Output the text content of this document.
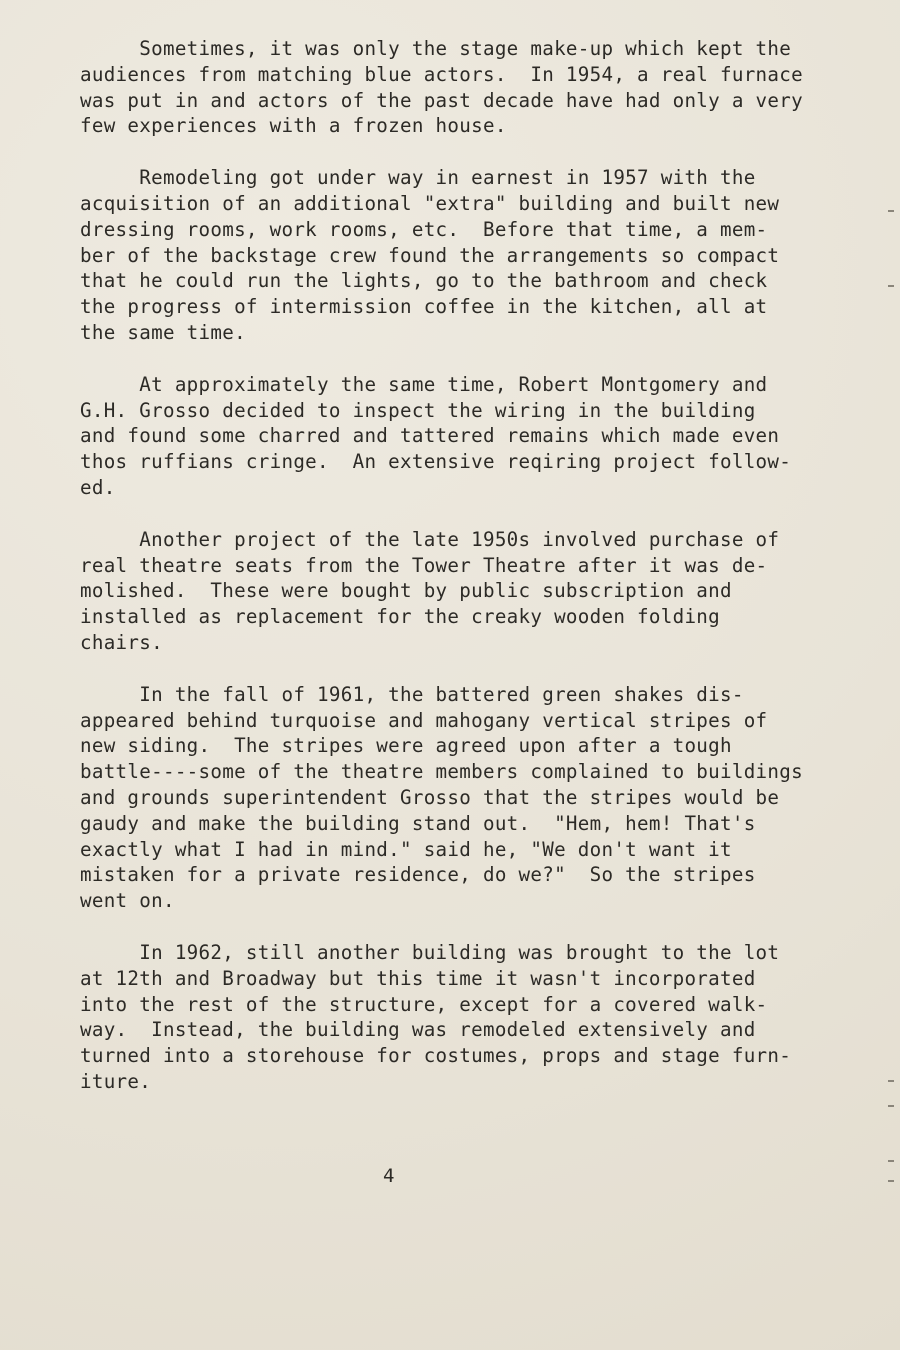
Sometimes, it was only the stage make-up which kept the
audiences from matching blue actors.  In 1954, a real furnace
was put in and actors of the past decade have had only a very
few experiences with a frozen house.
Remodeling got under way in earnest in 1957 with the
acquisition of an additional "extra" building and built new
dressing rooms, work rooms, etc.  Before that time, a mem-
ber of the backstage crew found the arrangements so compact
that he could run the lights, go to the bathroom and check
the progress of intermission coffee in the kitchen, all at
the same time.
At approximately the same time, Robert Montgomery and
G.H. Grosso decided to inspect the wiring in the building
and found some charred and tattered remains which made even
thos ruffians cringe.  An extensive reqiring project follow-
ed.
Another project of the late 1950s involved purchase of
real theatre seats from the Tower Theatre after it was de-
molished.  These were bought by public subscription and
installed as replacement for the creaky wooden folding
chairs.
In the fall of 1961, the battered green shakes dis-
appeared behind turquoise and mahogany vertical stripes of
new siding.  The stripes were agreed upon after a tough
battle----some of the theatre members complained to buildings
and grounds superintendent Grosso that the stripes would be
gaudy and make the building stand out.  "Hem, hem! That's
exactly what I had in mind." said he, "We don't want it
mistaken for a private residence, do we?"  So the stripes
went on.
In 1962, still another building was brought to the lot
at 12th and Broadway but this time it wasn't incorporated
into the rest of the structure, except for a covered walk-
way.  Instead, the building was remodeled extensively and
turned into a storehouse for costumes, props and stage furn-
iture.
4
